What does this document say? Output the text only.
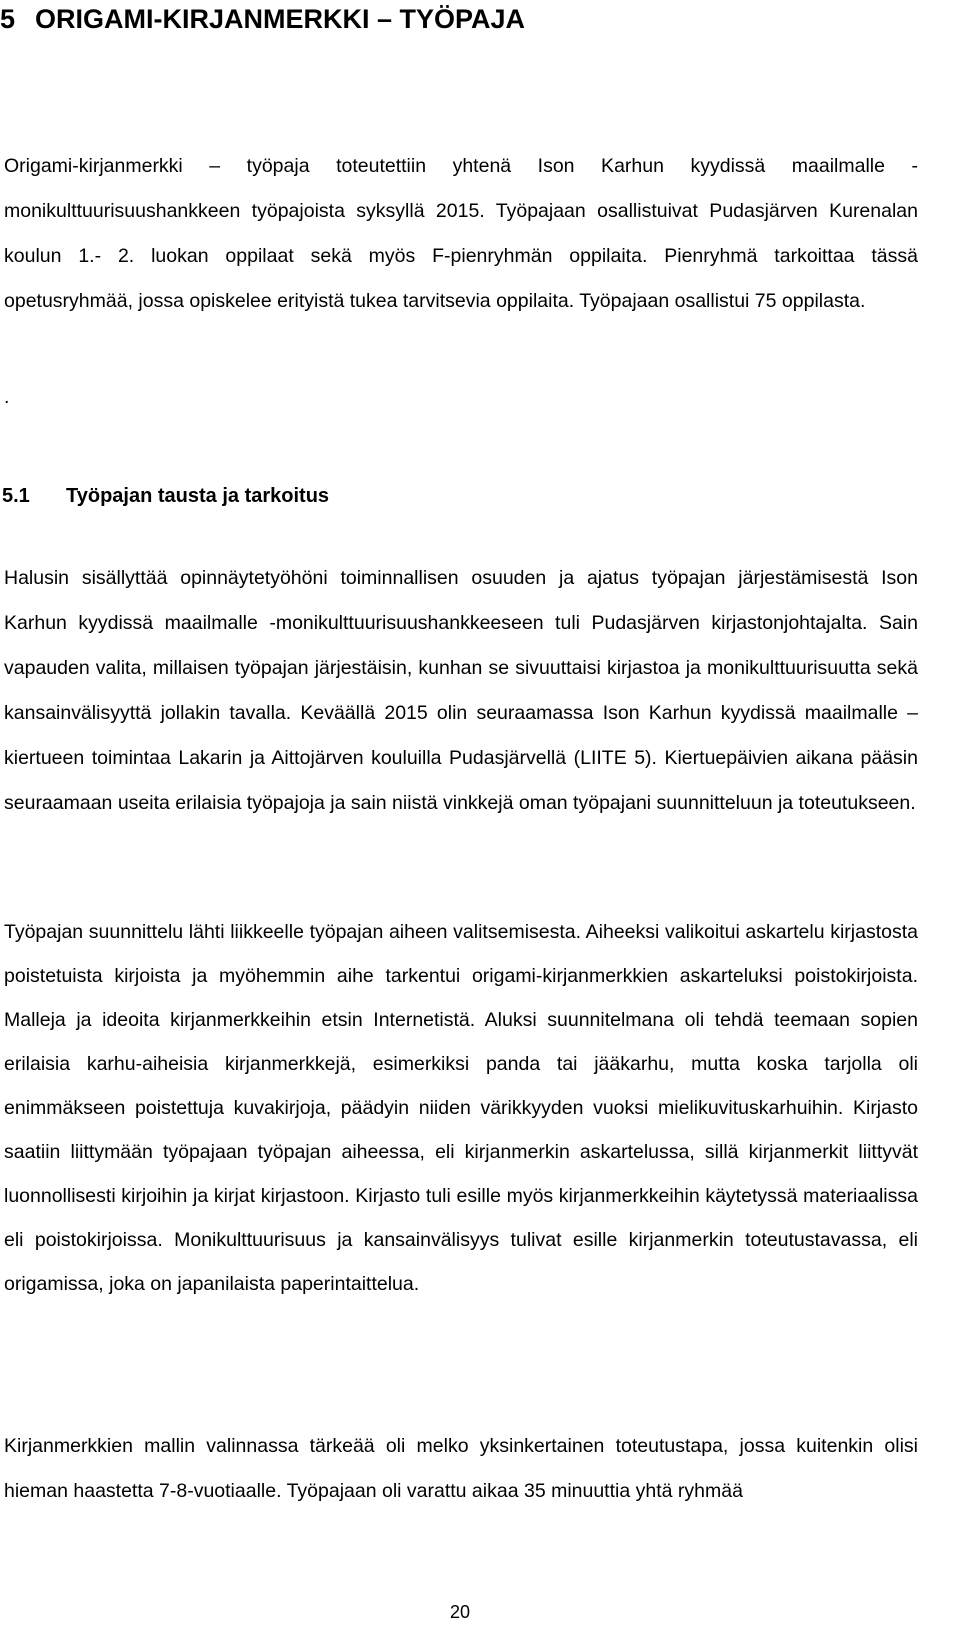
5 ORIGAMI-KIRJANMERKKI – TYÖPAJA

Origami-kirjanmerkki – työpaja toteutettiin yhtenä Ison Karhun kyydissä maailmalle - monikulttuurisuushankkeen työpajoista syksyllä 2015. Työpajaan osallistuivat Pudasjärven Kurenalan koulun 1.- 2. luokan oppilaat sekä myös F-pienryhmän oppilaita. Pienryhmä tarkoittaa tässä opetusryhmää, jossa opiskelee erityistä tukea tarvitsevia oppilaita. Työpajaan osallistui 75 oppilasta.

.

5.1 Työpajan tausta ja tarkoitus

Halusin sisällyttää opinnäytetyöhöni toiminnallisen osuuden ja ajatus työpajan järjestämisestä Ison Karhun kyydissä maailmalle -monikulttuurisuushankkeeseen tuli Pudasjärven kirjastonjohtajalta. Sain vapauden valita, millaisen työpajan järjestäisin, kunhan se sivuuttaisi kirjastoa ja monikulttuurisuutta sekä kansainvälisyyttä jollakin tavalla. Keväällä 2015 olin seuraamassa Ison Karhun kyydissä maailmalle –kiertueen toimintaa Lakarin ja Aittojärven kouluilla Pudasjärvellä (LIITE 5). Kiertuepäivien aikana pääsin seuraamaan useita erilaisia työpajoja ja sain niistä vinkkejä oman työpajani suunnitteluun ja toteutukseen.

Työpajan suunnittelu lähti liikkeelle työpajan aiheen valitsemisesta. Aiheeksi valikoitui askartelu kirjastosta poistetuista kirjoista ja myöhemmin aihe tarkentui origami-kirjanmerkkien askarteluksi poistokirjoista. Malleja ja ideoita kirjanmerkkeihin etsin Internetistä. Aluksi suunnitelmana oli tehdä teemaan sopien erilaisia karhu-aiheisia kirjanmerkkejä, esimerkiksi panda tai jääkarhu, mutta koska tarjolla oli enimmäkseen poistettuja kuvakirjoja, päädyin niiden värikkyyden vuoksi mielikuvituskarhuihin. Kirjasto saatiin liittymään työpajaan työpajan aiheessa, eli kirjanmerkin askartelussa, sillä kirjanmerkit liittyvät luonnollisesti kirjoihin ja kirjat kirjastoon. Kirjasto tuli esille myös kirjanmerkkeihin käytetyssä materiaalissa eli poistokirjoissa. Monikulttuurisuus ja kansainvälisyys tulivat esille kirjanmerkin toteutustavassa, eli origamissa, joka on japanilaista paperintaittelua.

Kirjanmerkkien mallin valinnassa tärkeää oli melko yksinkertainen toteutustapa, jossa kuitenkin olisi hieman haastetta 7-8-vuotiaalle. Työpajaan oli varattu aikaa 35 minuuttia yhtä ryhmää

20
